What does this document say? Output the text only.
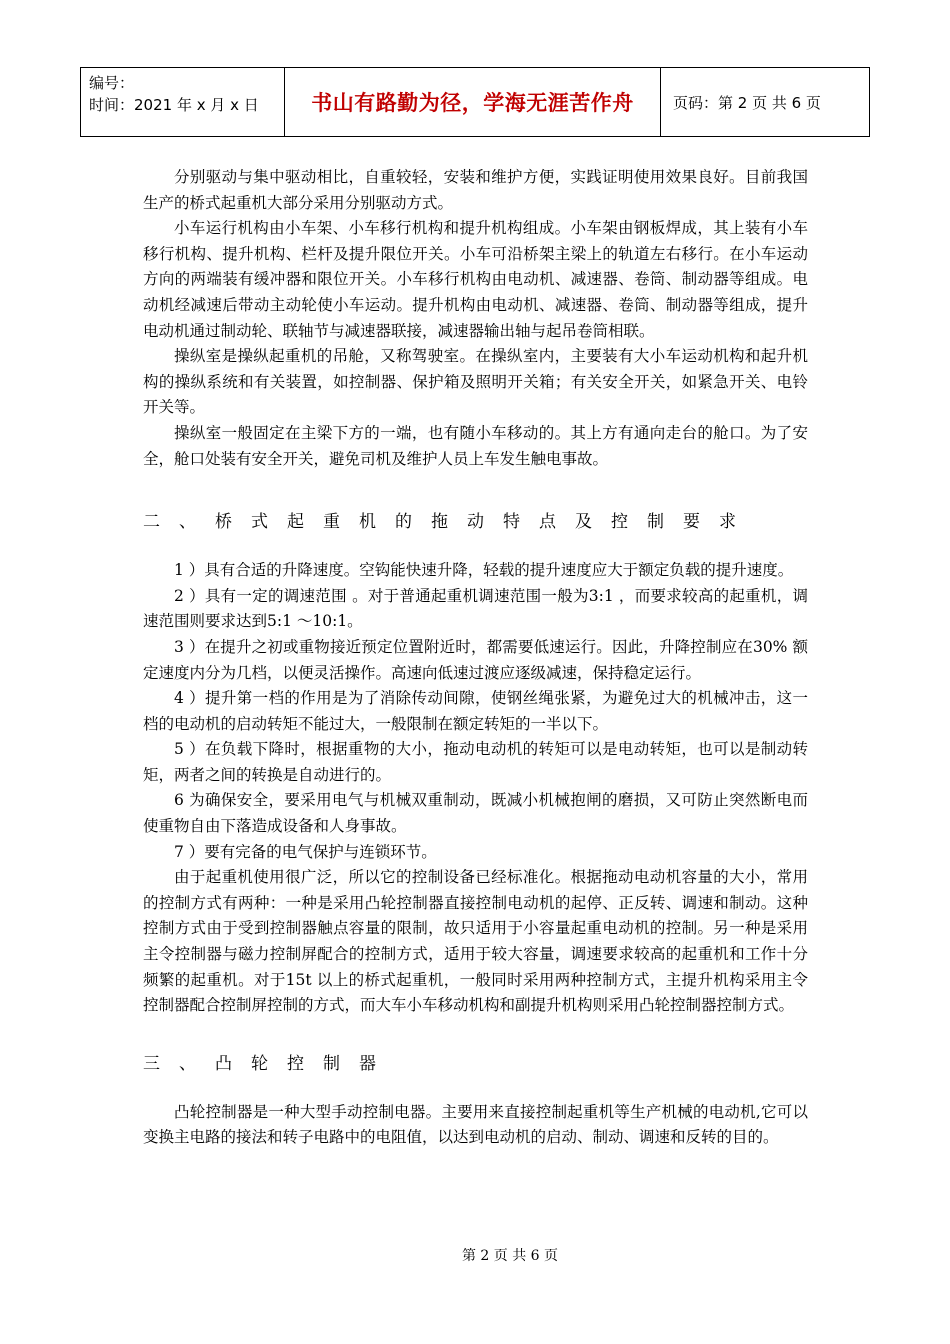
编号：
时间：2021 年 x 月 x 日	书山有路勤为径，学海无涯苦作舟	页码：第 2 页 共 6 页

分别驱动与集中驱动相比，自重较轻，安装和维护方便，实践证明使用效果良好。目前我国生产的桥式起重机大部分采用分别驱动方式。

小车运行机构由小车架、小车移行机构和提升机构组成。小车架由钢板焊成，其上装有小车移行机构、提升机构、栏杆及提升限位开关。小车可沿桥架主梁上的轨道左右移行。在小车运动方向的两端装有缓冲器和限位开关。小车移行机构由电动机、减速器、卷筒、制动器等组成。电动机经减速后带动主动轮使小车运动。提升机构由电动机、减速器、卷筒、制动器等组成，提升电动机通过制动轮、联轴节与减速器联接，减速器输出轴与起吊卷筒相联。

操纵室是操纵起重机的吊舱，又称驾驶室。在操纵室内，主要装有大小车运动机构和起升机构的操纵系统和有关装置，如控制器、保护箱及照明开关箱；有关安全开关，如紧急开关、电铃开关等。

操纵室一般固定在主梁下方的一端，也有随小车移动的。其上方有通向走台的舱口。为了安全，舱口处装有安全开关，避免司机及维护人员上车发生触电事故。

二、桥式起重机的拖动特点及控制要求

1 ）具有合适的升降速度。空钩能快速升降，轻载的提升速度应大于额定负载的提升速度。

2 ）具有一定的调速范围 。对于普通起重机调速范围一般为3:1 ，而要求较高的起重机，调速范围则要求达到5:1 ～10:1。

3 ）在提升之初或重物接近预定位置附近时，都需要低速运行。因此，升降控制应在30% 额定速度内分为几档，以便灵活操作。高速向低速过渡应逐级减速，保持稳定运行。

4 ）提升第一档的作用是为了消除传动间隙，使钢丝绳张紧，为避免过大的机械冲击，这一档的电动机的启动转矩不能过大，一般限制在额定转矩的一半以下。

5 ）在负载下降时，根据重物的大小，拖动电动机的转矩可以是电动转矩，也可以是制动转矩，两者之间的转换是自动进行的。

6 为确保安全，要采用电气与机械双重制动，既减小机械抱闸的磨损，又可防止突然断电而使重物自由下落造成设备和人身事故。

7 ）要有完备的电气保护与连锁环节。

由于起重机使用很广泛，所以它的控制设备已经标准化。根据拖动电动机容量的大小，常用的控制方式有两种：一种是采用凸轮控制器直接控制电动机的起停、正反转、调速和制动。这种控制方式由于受到控制器触点容量的限制，故只适用于小容量起重电动机的控制。另一种是采用主令控制器与磁力控制屏配合的控制方式，适用于较大容量，调速要求较高的起重机和工作十分频繁的起重机。对于15t 以上的桥式起重机，一般同时采用两种控制方式，主提升机构采用主令控制器配合控制屏控制的方式，而大车小车移动机构和副提升机构则采用凸轮控制器控制方式。

三、凸轮控制器

凸轮控制器是一种大型手动控制电器。主要用来直接控制起重机等生产机械的电动机,它可以变换主电路的接法和转子电路中的电阻值，以达到电动机的启动、制动、调速和反转的目的。

第 2 页 共 6 页
